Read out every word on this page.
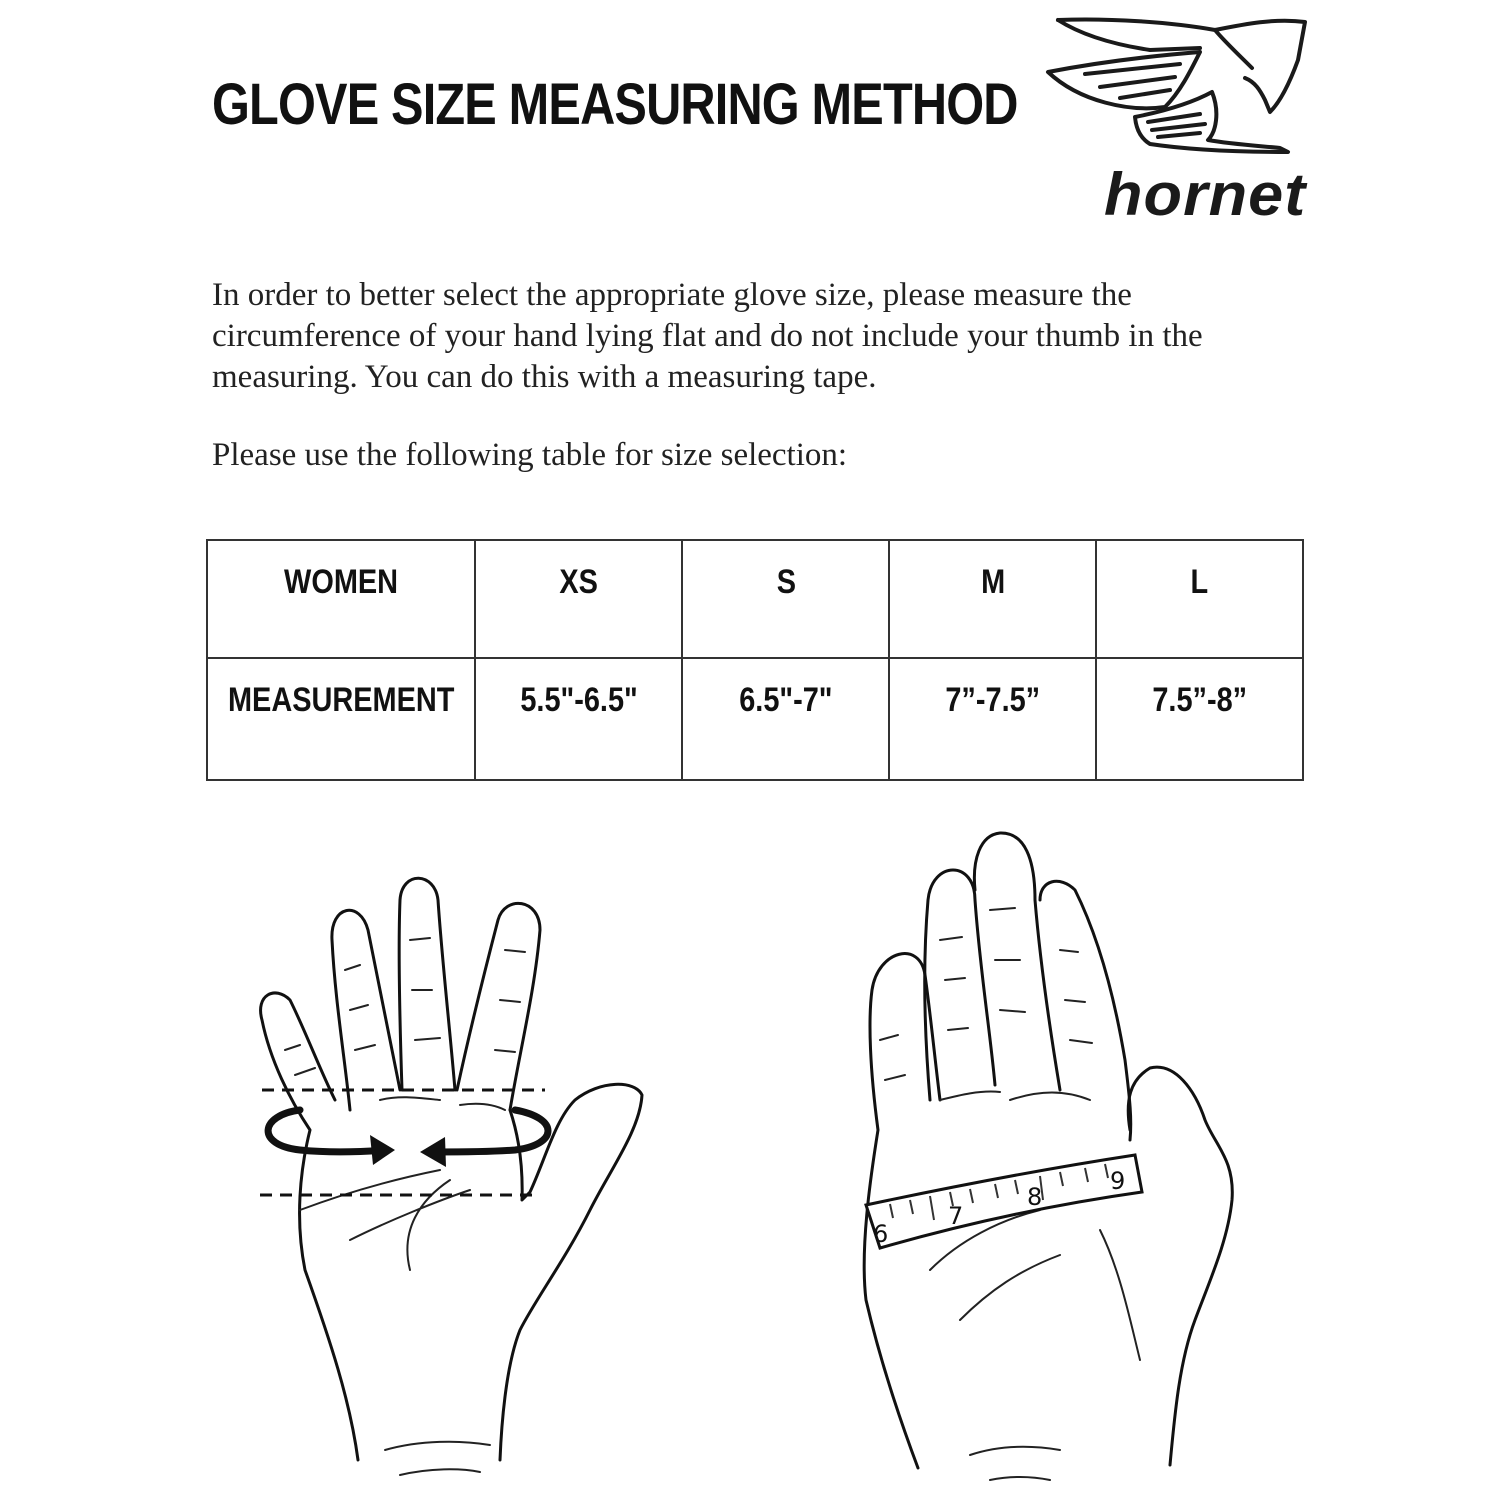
GLOVE SIZE MEASURING METHOD
hornet

In order to better select the appropriate glove size, please measure the circumference of your hand lying flat and do not include your thumb in the measuring. You can do this with a measuring tape.

Please use the following table for size selection:

WOMEN	XS	S	M	L
MEASUREMENT	5.5"-6.5"	6.5"-7"	7”-7.5”	7.5”-8”
6
7
8
9
